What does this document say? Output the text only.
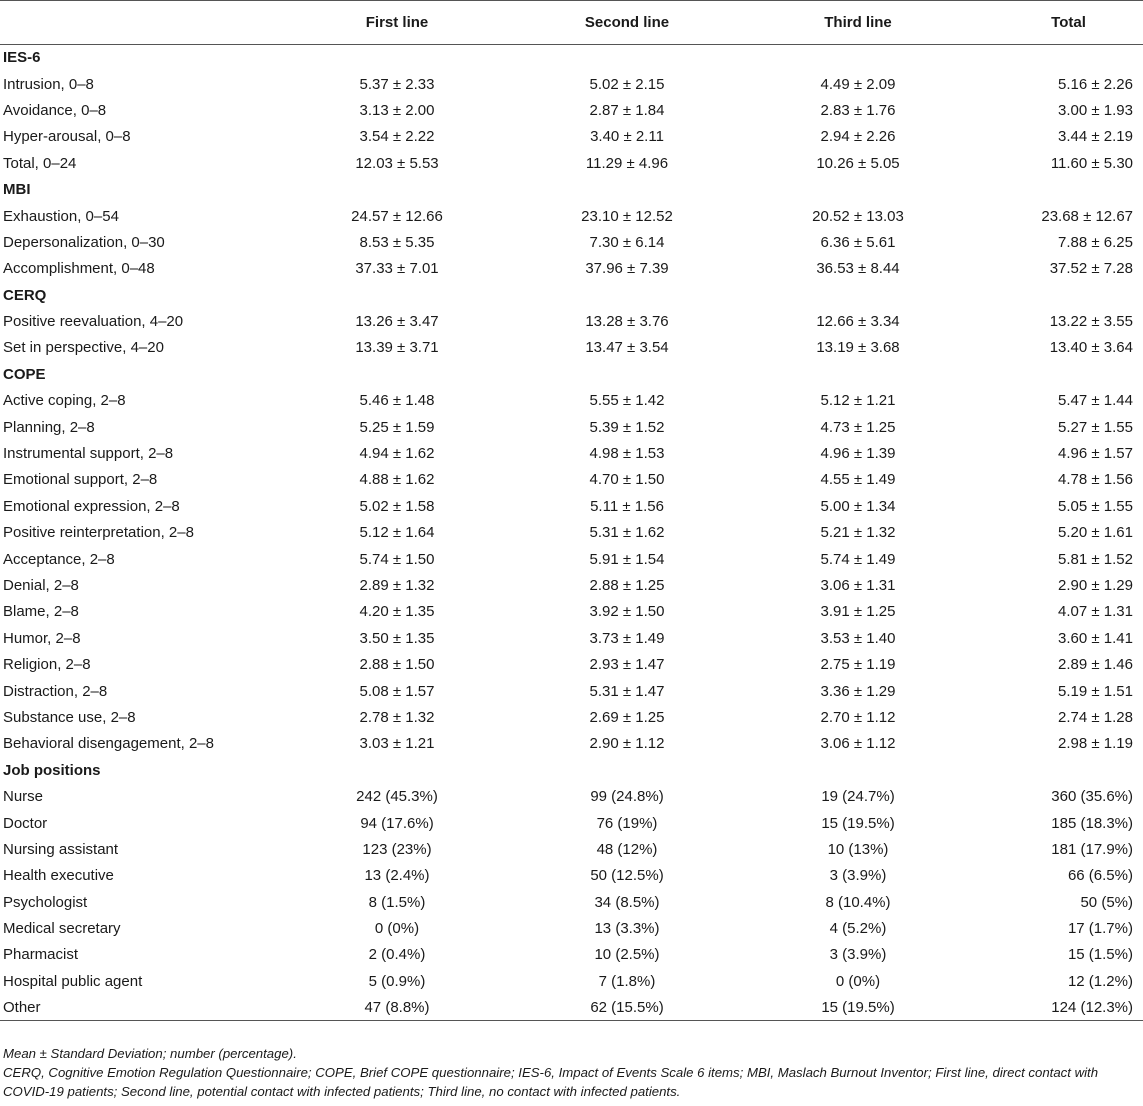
	First line	Second line	Third line	Total
IES-6				
Intrusion, 0–8	5.37 ± 2.33	5.02 ± 2.15	4.49 ± 2.09	5.16 ± 2.26
Avoidance, 0–8	3.13 ± 2.00	2.87 ± 1.84	2.83 ± 1.76	3.00 ± 1.93
Hyper-arousal, 0–8	3.54 ± 2.22	3.40 ± 2.11	2.94 ± 2.26	3.44 ± 2.19
Total, 0–24	12.03 ± 5.53	11.29 ± 4.96	10.26 ± 5.05	11.60 ± 5.30
MBI				
Exhaustion, 0–54	24.57 ± 12.66	23.10 ± 12.52	20.52 ± 13.03	23.68 ± 12.67
Depersonalization, 0–30	8.53 ± 5.35	7.30 ± 6.14	6.36 ± 5.61	7.88 ± 6.25
Accomplishment, 0–48	37.33 ± 7.01	37.96 ± 7.39	36.53 ± 8.44	37.52 ± 7.28
CERQ				
Positive reevaluation, 4–20	13.26 ± 3.47	13.28 ± 3.76	12.66 ± 3.34	13.22 ± 3.55
Set in perspective, 4–20	13.39 ± 3.71	13.47 ± 3.54	13.19 ± 3.68	13.40 ± 3.64
COPE				
Active coping, 2–8	5.46 ± 1.48	5.55 ± 1.42	5.12 ± 1.21	5.47 ± 1.44
Planning, 2–8	5.25 ± 1.59	5.39 ± 1.52	4.73 ± 1.25	5.27 ± 1.55
Instrumental support, 2–8	4.94 ± 1.62	4.98 ± 1.53	4.96 ± 1.39	4.96 ± 1.57
Emotional support, 2–8	4.88 ± 1.62	4.70 ± 1.50	4.55 ± 1.49	4.78 ± 1.56
Emotional expression, 2–8	5.02 ± 1.58	5.11 ± 1.56	5.00 ± 1.34	5.05 ± 1.55
Positive reinterpretation, 2–8	5.12 ± 1.64	5.31 ± 1.62	5.21 ± 1.32	5.20 ± 1.61
Acceptance, 2–8	5.74 ± 1.50	5.91 ± 1.54	5.74 ± 1.49	5.81 ± 1.52
Denial, 2–8	2.89 ± 1.32	2.88 ± 1.25	3.06 ± 1.31	2.90 ± 1.29
Blame, 2–8	4.20 ± 1.35	3.92 ± 1.50	3.91 ± 1.25	4.07 ± 1.31
Humor, 2–8	3.50 ± 1.35	3.73 ± 1.49	3.53 ± 1.40	3.60 ± 1.41
Religion, 2–8	2.88 ± 1.50	2.93 ± 1.47	2.75 ± 1.19	2.89 ± 1.46
Distraction, 2–8	5.08 ± 1.57	5.31 ± 1.47	3.36 ± 1.29	5.19 ± 1.51
Substance use, 2–8	2.78 ± 1.32	2.69 ± 1.25	2.70 ± 1.12	2.74 ± 1.28
Behavioral disengagement, 2–8	3.03 ± 1.21	2.90 ± 1.12	3.06 ± 1.12	2.98 ± 1.19
Job positions				
Nurse	242 (45.3%)	99 (24.8%)	19 (24.7%)	360 (35.6%)
Doctor	94 (17.6%)	76 (19%)	15 (19.5%)	185 (18.3%)
Nursing assistant	123 (23%)	48 (12%)	10 (13%)	181 (17.9%)
Health executive	13 (2.4%)	50 (12.5%)	3 (3.9%)	66 (6.5%)
Psychologist	8 (1.5%)	34 (8.5%)	8 (10.4%)	50 (5%)
Medical secretary	0 (0%)	13 (3.3%)	4 (5.2%)	17 (1.7%)
Pharmacist	2 (0.4%)	10 (2.5%)	3 (3.9%)	15 (1.5%)
Hospital public agent	5 (0.9%)	7 (1.8%)	0 (0%)	12 (1.2%)
Other	47 (8.8%)	62 (15.5%)	15 (19.5%)	124 (12.3%)

Mean ± Standard Deviation; number (percentage).

CERQ, Cognitive Emotion Regulation Questionnaire; COPE, Brief COPE questionnaire; IES-6, Impact of Events Scale 6 items; MBI, Maslach Burnout Inventor; First line, direct contact with COVID-19 patients; Second line, potential contact with infected patients; Third line, no contact with infected patients.
